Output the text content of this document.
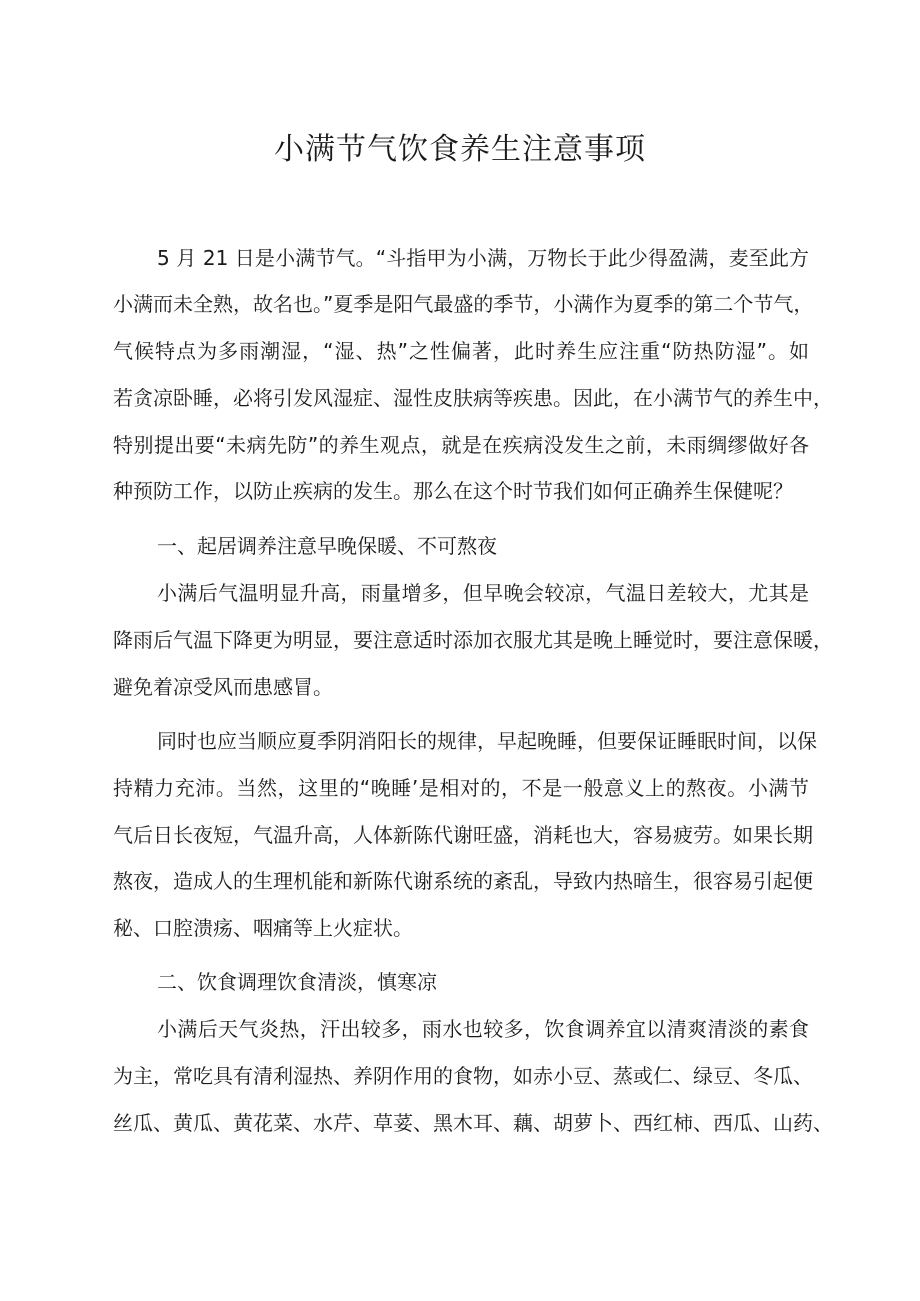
小满节气饮食养生注意事项

5 月 21 日是小满节气。“斗指甲为小满，万物长于此少得盈满，麦至此方

小满而未全熟，故名也。”夏季是阳气最盛的季节，小满作为夏季的第二个节气，

气候特点为多雨潮湿，“湿、热”之性偏著，此时养生应注重“防热防湿”。如

若贪凉卧睡，必将引发风湿症、湿性皮肤病等疾患。因此，在小满节气的养生中，

特别提出要“未病先防”的养生观点，就是在疾病没发生之前，未雨绸缪做好各

种预防工作，以防止疾病的发生。那么在这个时节我们如何正确养生保健呢？

一、起居调养注意早晚保暖、不可熬夜

小满后气温明显升高，雨量增多，但早晚会较凉，气温日差较大，尤其是

降雨后气温下降更为明显，要注意适时添加衣服尤其是晚上睡觉时，要注意保暖，

避免着凉受风而患感冒。

同时也应当顺应夏季阴消阳长的规律，早起晚睡，但要保证睡眠时间，以保

持精力充沛。当然，这里的“晚睡’是相对的，不是一般意义上的熬夜。小满节

气后日长夜短，气温升高，人体新陈代谢旺盛，消耗也大，容易疲劳。如果长期

熬夜，造成人的生理机能和新陈代谢系统的紊乱，导致内热暗生，很容易引起便

秘、口腔溃疡、咽痛等上火症状。

二、饮食调理饮食清淡，慎寒凉

小满后天气炎热，汗出较多，雨水也较多，饮食调养宜以清爽清淡的素食

为主，常吃具有清利湿热、养阴作用的食物，如赤小豆、蒸或仁、绿豆、冬瓜、

丝瓜、黄瓜、黄花菜、水芹、草荽、黑木耳、藕、胡萝卜、西红柿、西瓜、山药、
